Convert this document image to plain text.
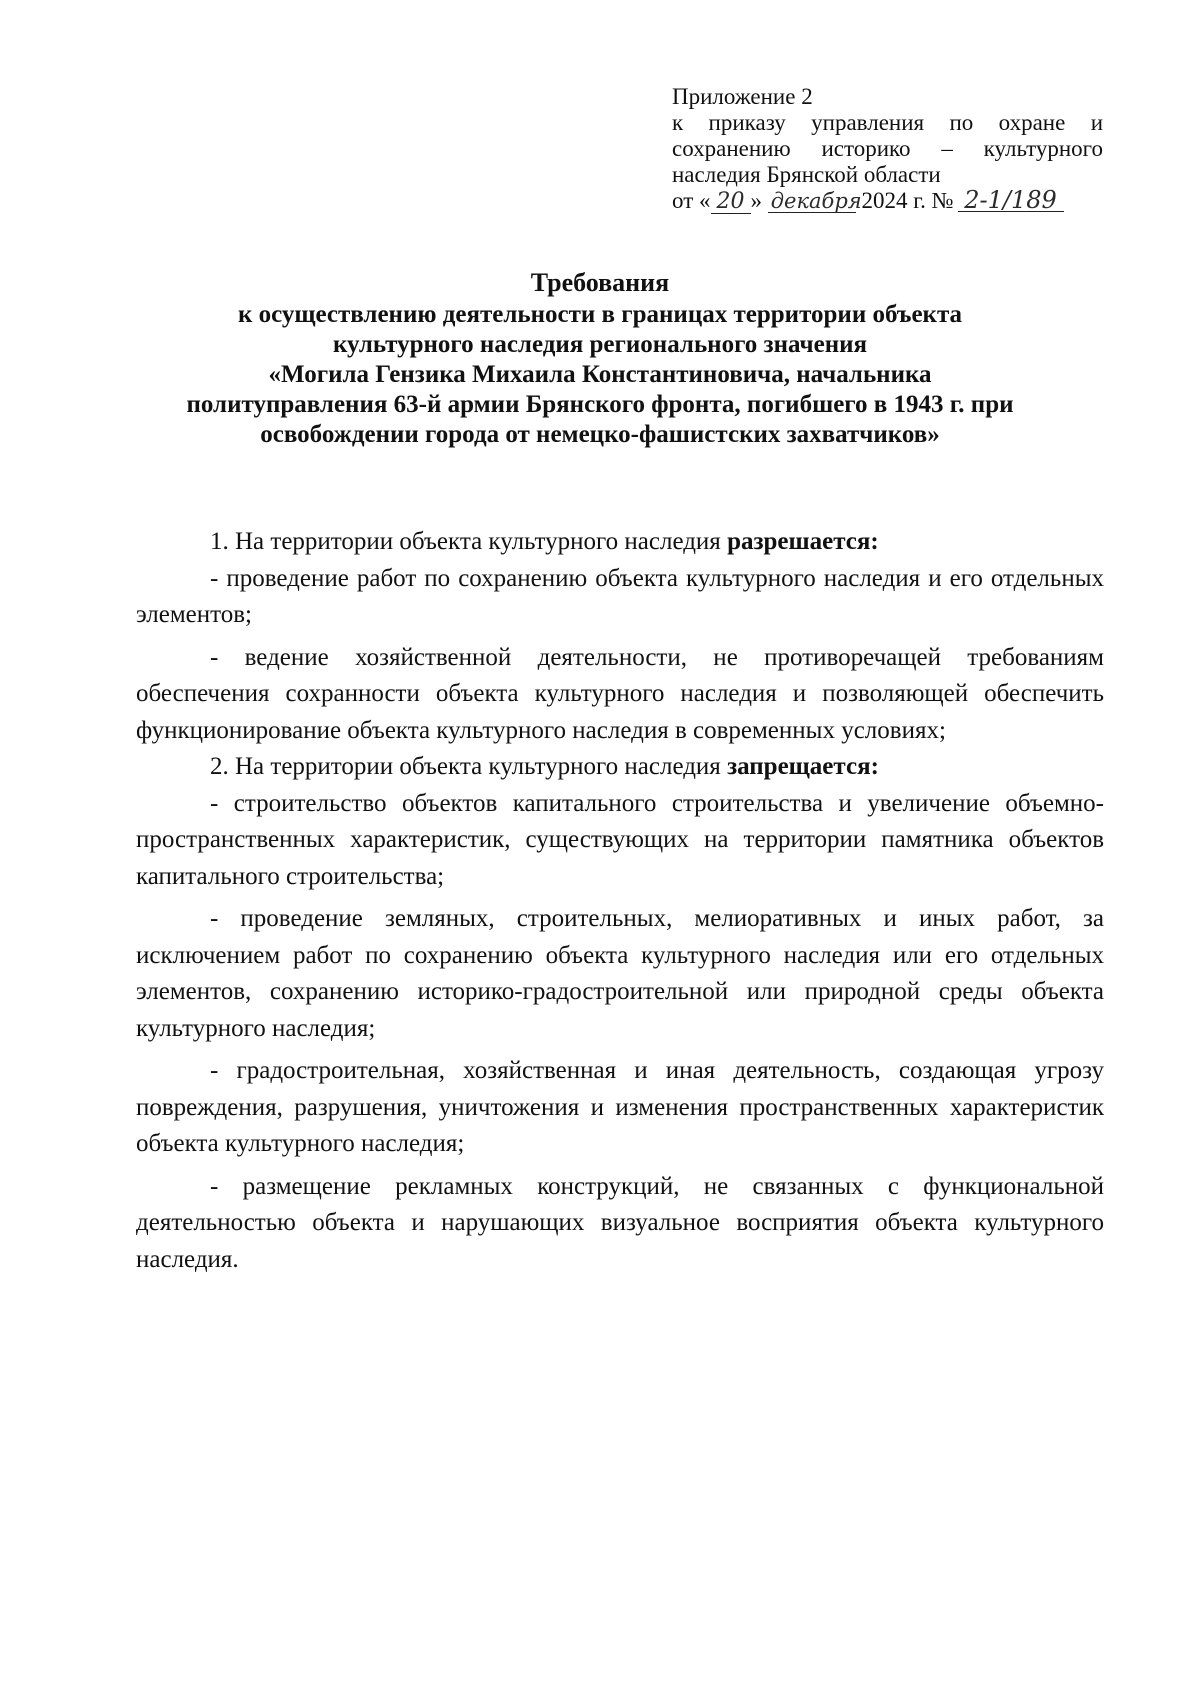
Приложение 2
к приказу управления по охране и
сохранению историко – культурного
наследия Брянской области
от « 20 » декабря 2024 г. № 2-1/189
Требования
к осуществлению деятельности в границах территории объекта
культурного наследия регионального значения
«Могила Гензика Михаила Константиновича, начальника
политуправления 63-й армии Брянского фронта, погибшего в 1943 г. при
освобождении города от немецко-фашистских захватчиков»

1. На территории объекта культурного наследия разрешается:

- проведение работ по сохранению объекта культурного наследия и его отдельных элементов;

- ведение хозяйственной деятельности, не противоречащей требованиям обеспечения сохранности объекта культурного наследия и позволяющей обеспечить функционирование объекта культурного наследия в современных условиях;

2. На территории объекта культурного наследия запрещается:

- строительство объектов капитального строительства и увеличение объемно-пространственных характеристик, существующих на территории памятника объектов капитального строительства;

- проведение земляных, строительных, мелиоративных и иных работ, за исключением работ по сохранению объекта культурного наследия или его отдельных элементов, сохранению историко-градостроительной или природной среды объекта культурного наследия;

- градостроительная, хозяйственная и иная деятельность, создающая угрозу повреждения, разрушения, уничтожения и изменения пространственных характеристик объекта культурного наследия;

- размещение рекламных конструкций, не связанных с функциональной деятельностью объекта и нарушающих визуальное восприятия объекта культурного наследия.
